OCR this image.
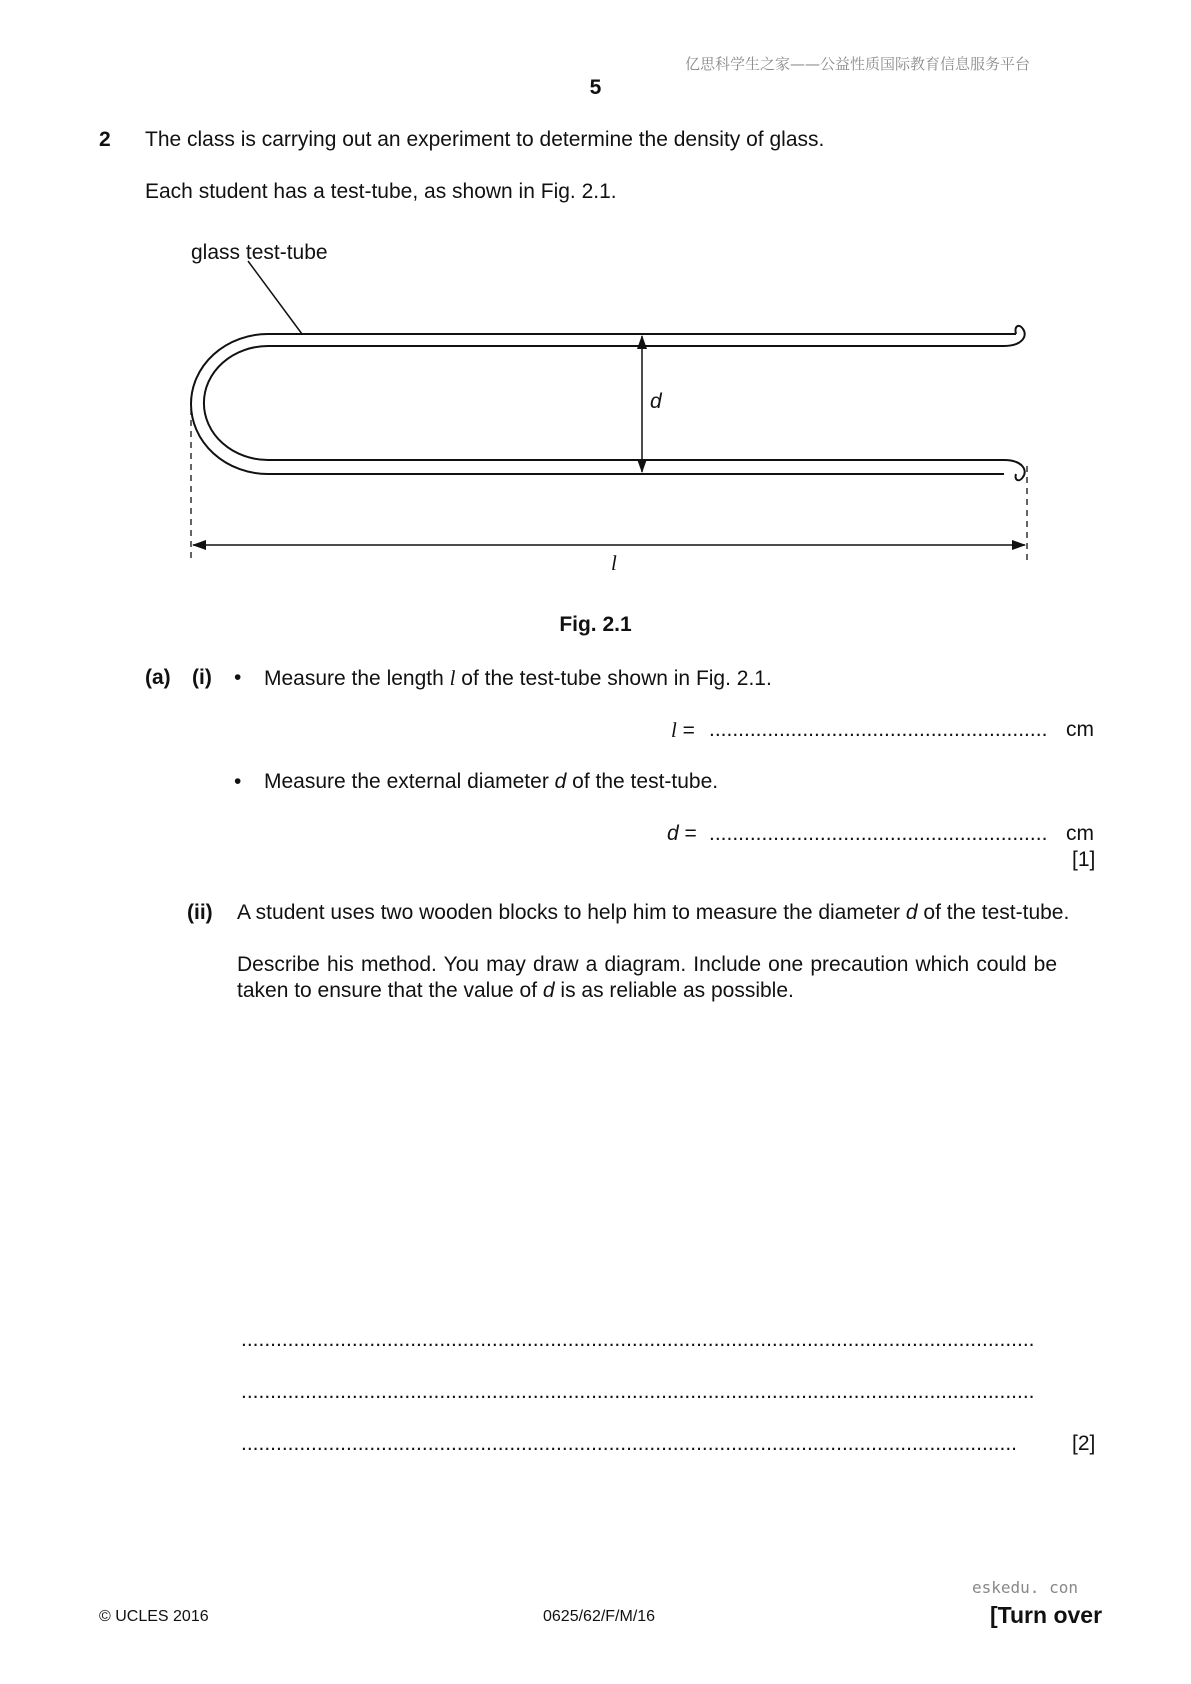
亿思科学生之家——公益性质国际教育信息服务平台
5
2 The class is carrying out an experiment to determine the density of glass.
Each student has a test-tube, as shown in Fig. 2.1.
glass test-tube
d
l
Fig. 2.1
(a) (i) • Measure the length l of the test-tube shown in Fig. 2.1.
l = .......................................................... cm
• Measure the external diameter d of the test-tube.
d = .......................................................... cm
[1]
(ii) A student uses two wooden blocks to help him to measure the diameter d of the test-tube.
Describe his method. You may draw a diagram. Include one precaution which could be
taken to ensure that the value of d is as reliable as possible.
........................................................................................................................................
........................................................................................................................................
.....................................................................................................................................	[2]
eskedu. con
© UCLES 2016	0625/62/F/M/16	[Turn over
